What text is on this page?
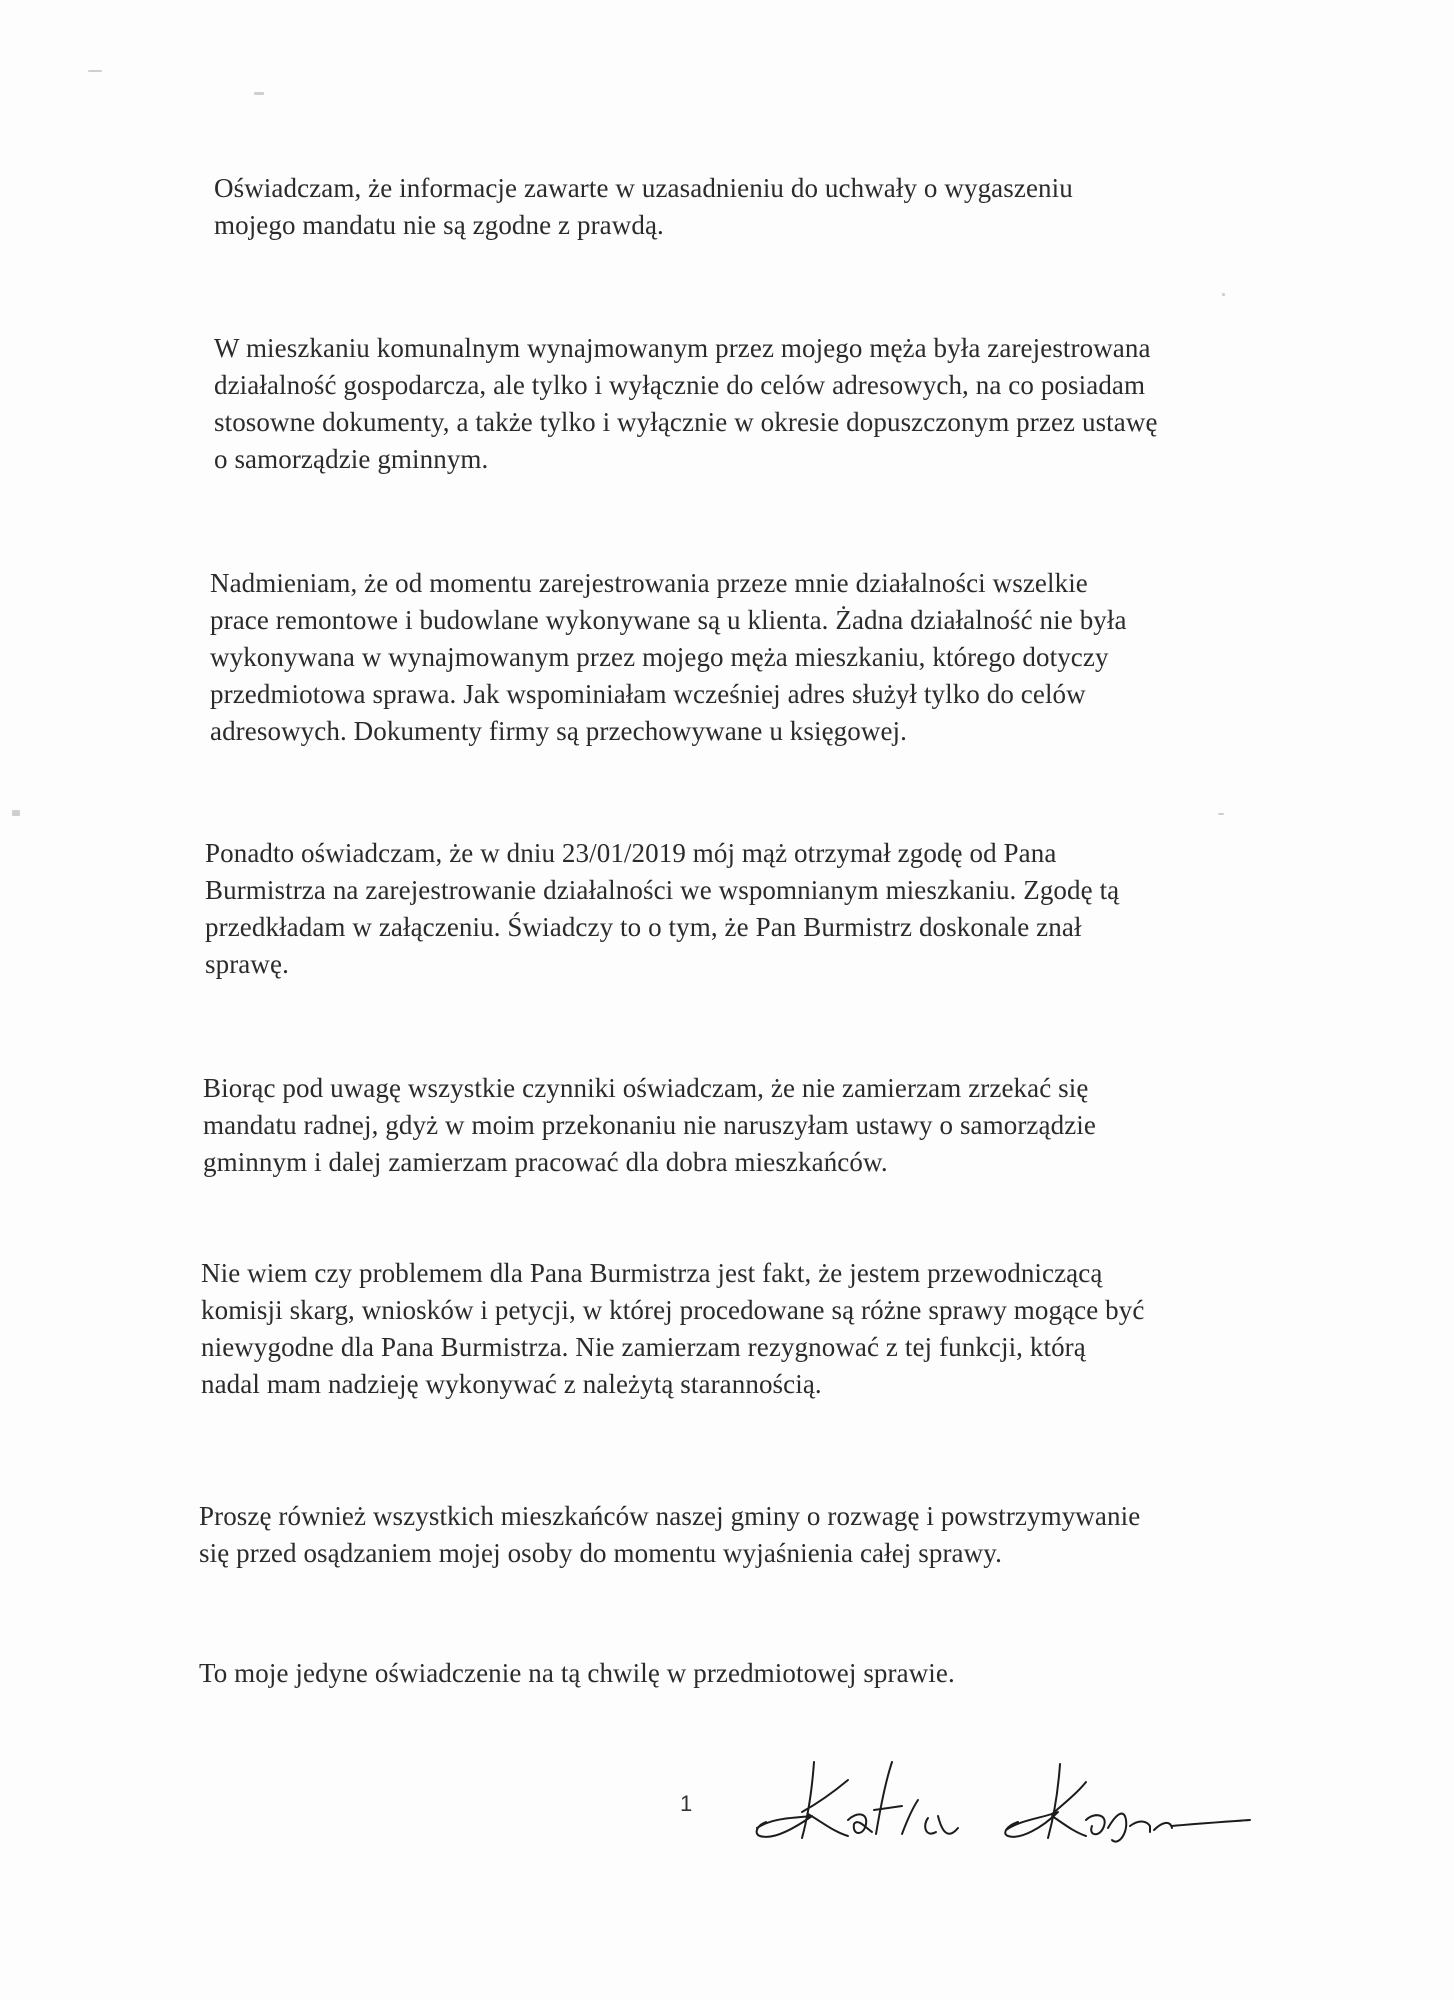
Oświadczam, że informacje zawarte w uzasadnieniu do uchwały o wygaszeniu
mojego mandatu nie są zgodne z prawdą.

W mieszkaniu komunalnym wynajmowanym przez mojego męża była zarejestrowana
działalność gospodarcza, ale tylko i wyłącznie do celów adresowych, na co posiadam
stosowne dokumenty, a także tylko i wyłącznie w okresie dopuszczonym przez ustawę
o samorządzie gminnym.

Nadmieniam, że od momentu zarejestrowania przeze mnie działalności wszelkie
prace remontowe i budowlane wykonywane są u klienta. Żadna działalność nie była
wykonywana w wynajmowanym przez mojego męża mieszkaniu, którego dotyczy
przedmiotowa sprawa. Jak wspominiałam wcześniej adres służył tylko do celów
adresowych. Dokumenty firmy są przechowywane u księgowej.

Ponadto oświadczam, że w dniu 23/01/2019 mój mąż otrzymał zgodę od Pana
Burmistrza na zarejestrowanie działalności we wspomnianym mieszkaniu. Zgodę tą
przedkładam w załączeniu. Świadczy to o tym, że Pan Burmistrz doskonale znał
sprawę.

Biorąc pod uwagę wszystkie czynniki oświadczam, że nie zamierzam zrzekać się
mandatu radnej, gdyż w moim przekonaniu nie naruszyłam ustawy o samorządzie
gminnym i dalej zamierzam pracować dla dobra mieszkańców.

Nie wiem czy problemem dla Pana Burmistrza jest fakt, że jestem przewodniczącą
komisji skarg, wniosków i petycji, w której procedowane są różne sprawy mogące być
niewygodne dla Pana Burmistrza. Nie zamierzam rezygnować z tej funkcji, którą
nadal mam nadzieję wykonywać z należytą starannością.

Proszę również wszystkich mieszkańców naszej gminy o rozwagę i powstrzymywanie
się przed osądzaniem mojej osoby do momentu wyjaśnienia całej sprawy.

To moje jedyne oświadczenie na tą chwilę w przedmiotowej sprawie.

1
